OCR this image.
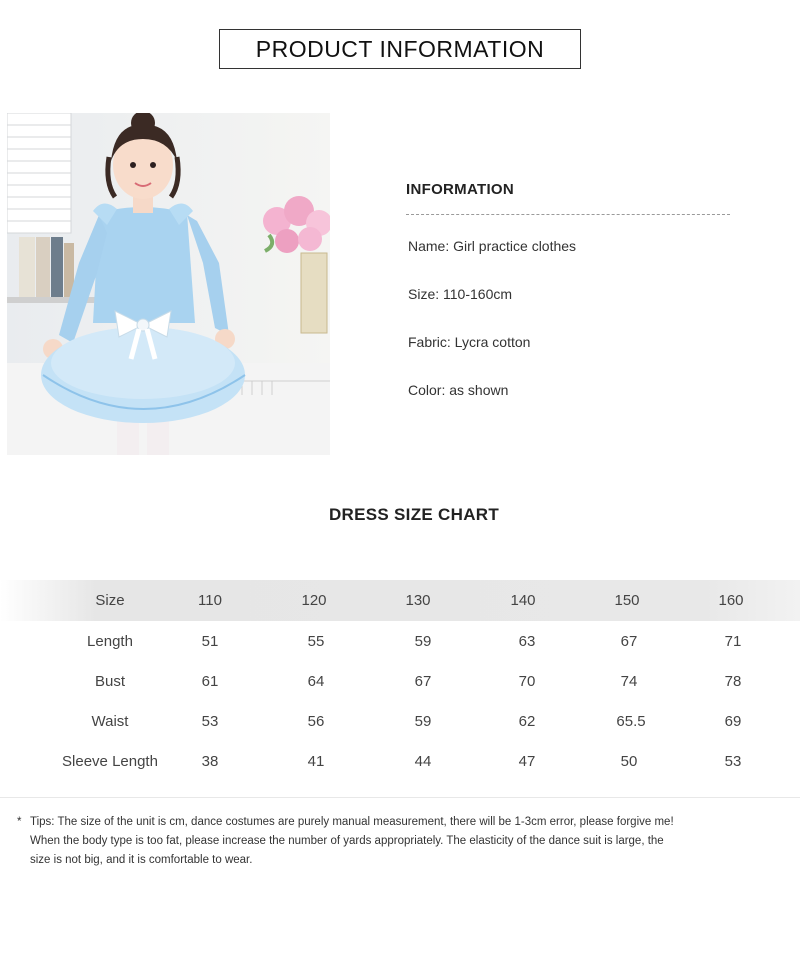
PRODUCT INFORMATION
INFORMATION
Name: Girl practice clothes
Size: 110-160cm
Fabric: Lycra cotton
Color: as shown
DRESS SIZE CHART
Size	110	120	130	140	150	160
Length	51	55	59	63	67	71
Bust	61	64	67	70	74	78
Waist	53	56	59	62	65.5	69
Sleeve Length	38	41	44	47	50	53
* Tips: The size of the unit is cm, dance costumes are purely manual measurement, there will be 1-3cm error, please forgive me!

When the body type is too fat, please increase the number of yards appropriately. The elasticity of the dance suit is large, the

size is not big, and it is comfortable to wear.
